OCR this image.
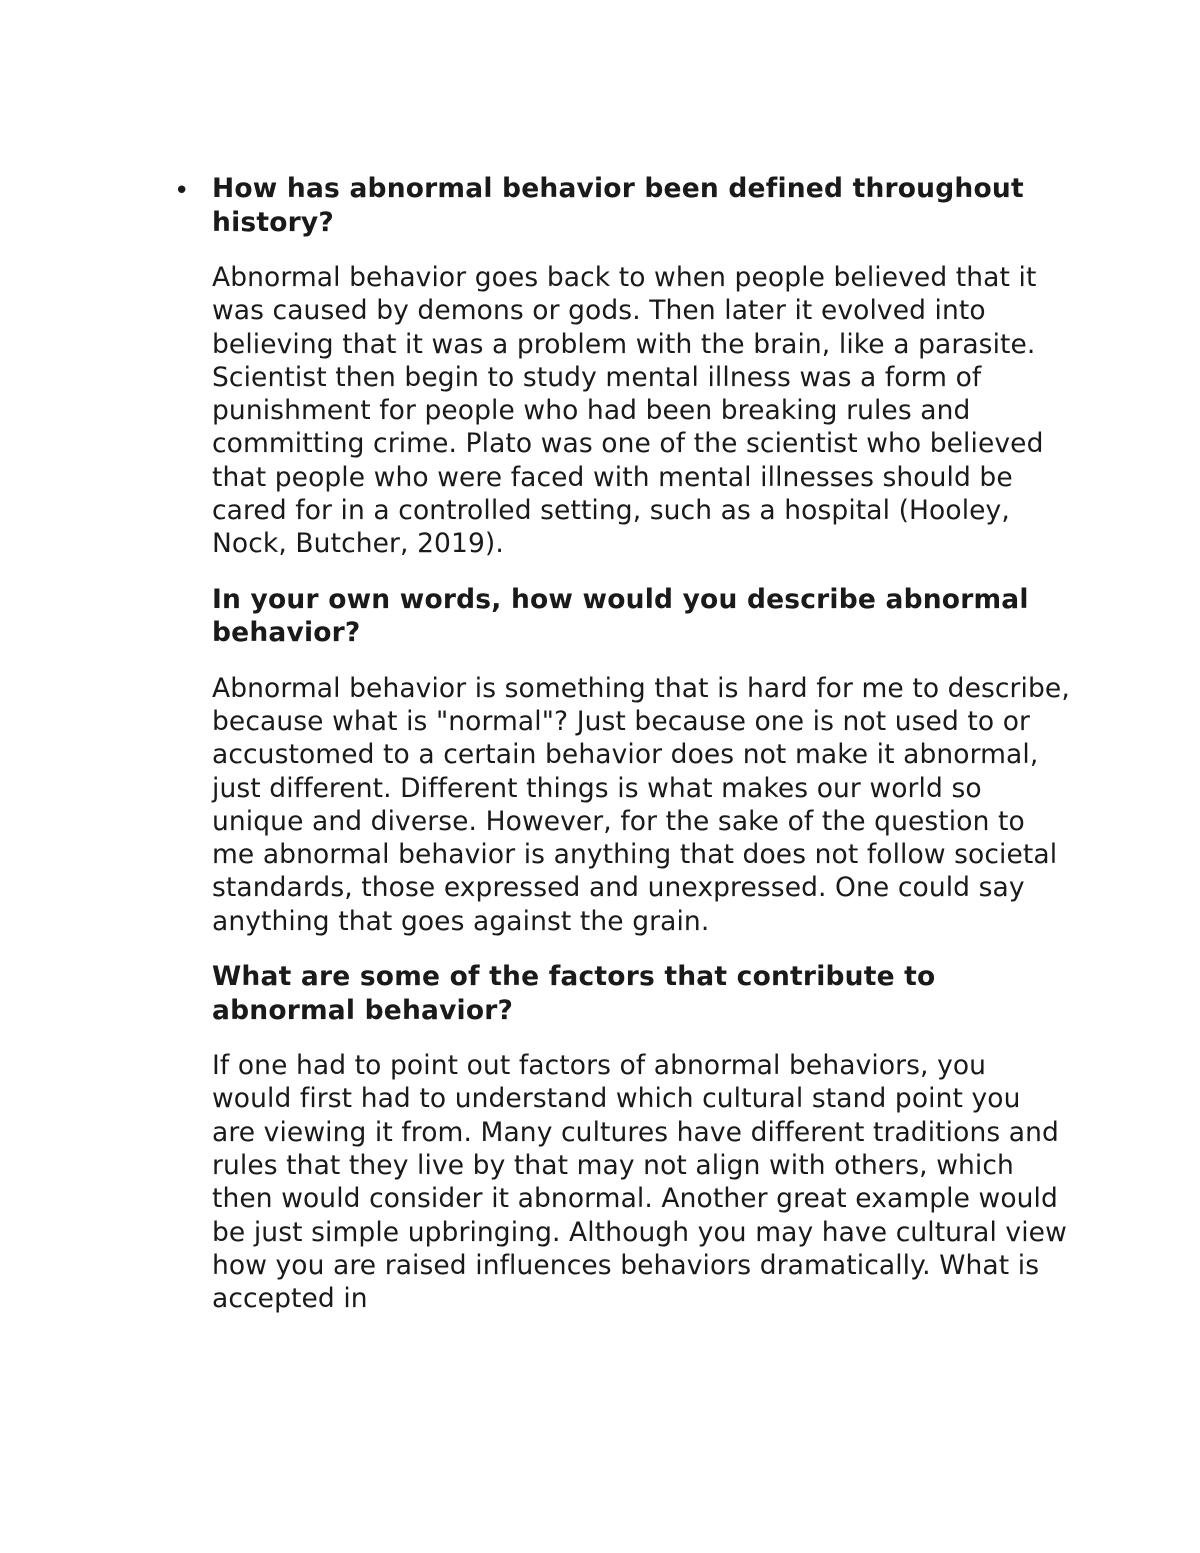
• How has abnormal behavior been defined throughout history?

Abnormal behavior goes back to when people believed that it was caused by demons or gods. Then later it evolved into believing that it was a problem with the brain, like a parasite. Scientist then begin to study mental illness was a form of punishment for people who had been breaking rules and committing crime. Plato was one of the scientist who believed that people who were faced with mental illnesses should be cared for in a controlled setting, such as a hospital (Hooley, Nock, Butcher, 2019).

In your own words, how would you describe abnormal behavior?

Abnormal behavior is something that is hard for me to describe, because what is "normal"? Just because one is not used to or accustomed to a certain behavior does not make it abnormal, just different. Different things is what makes our world so unique and diverse. However, for the sake of the question to me abnormal behavior is anything that does not follow societal standards, those expressed and unexpressed. One could say anything that goes against the grain.

What are some of the factors that contribute to abnormal behavior?

If one had to point out factors of abnormal behaviors, you would first had to understand which cultural stand point you are viewing it from. Many cultures have different traditions and rules that they live by that may not align with others, which then would consider it abnormal. Another great example would be just simple upbringing. Although you may have cultural view how you are raised influences behaviors dramatically. What is accepted in
